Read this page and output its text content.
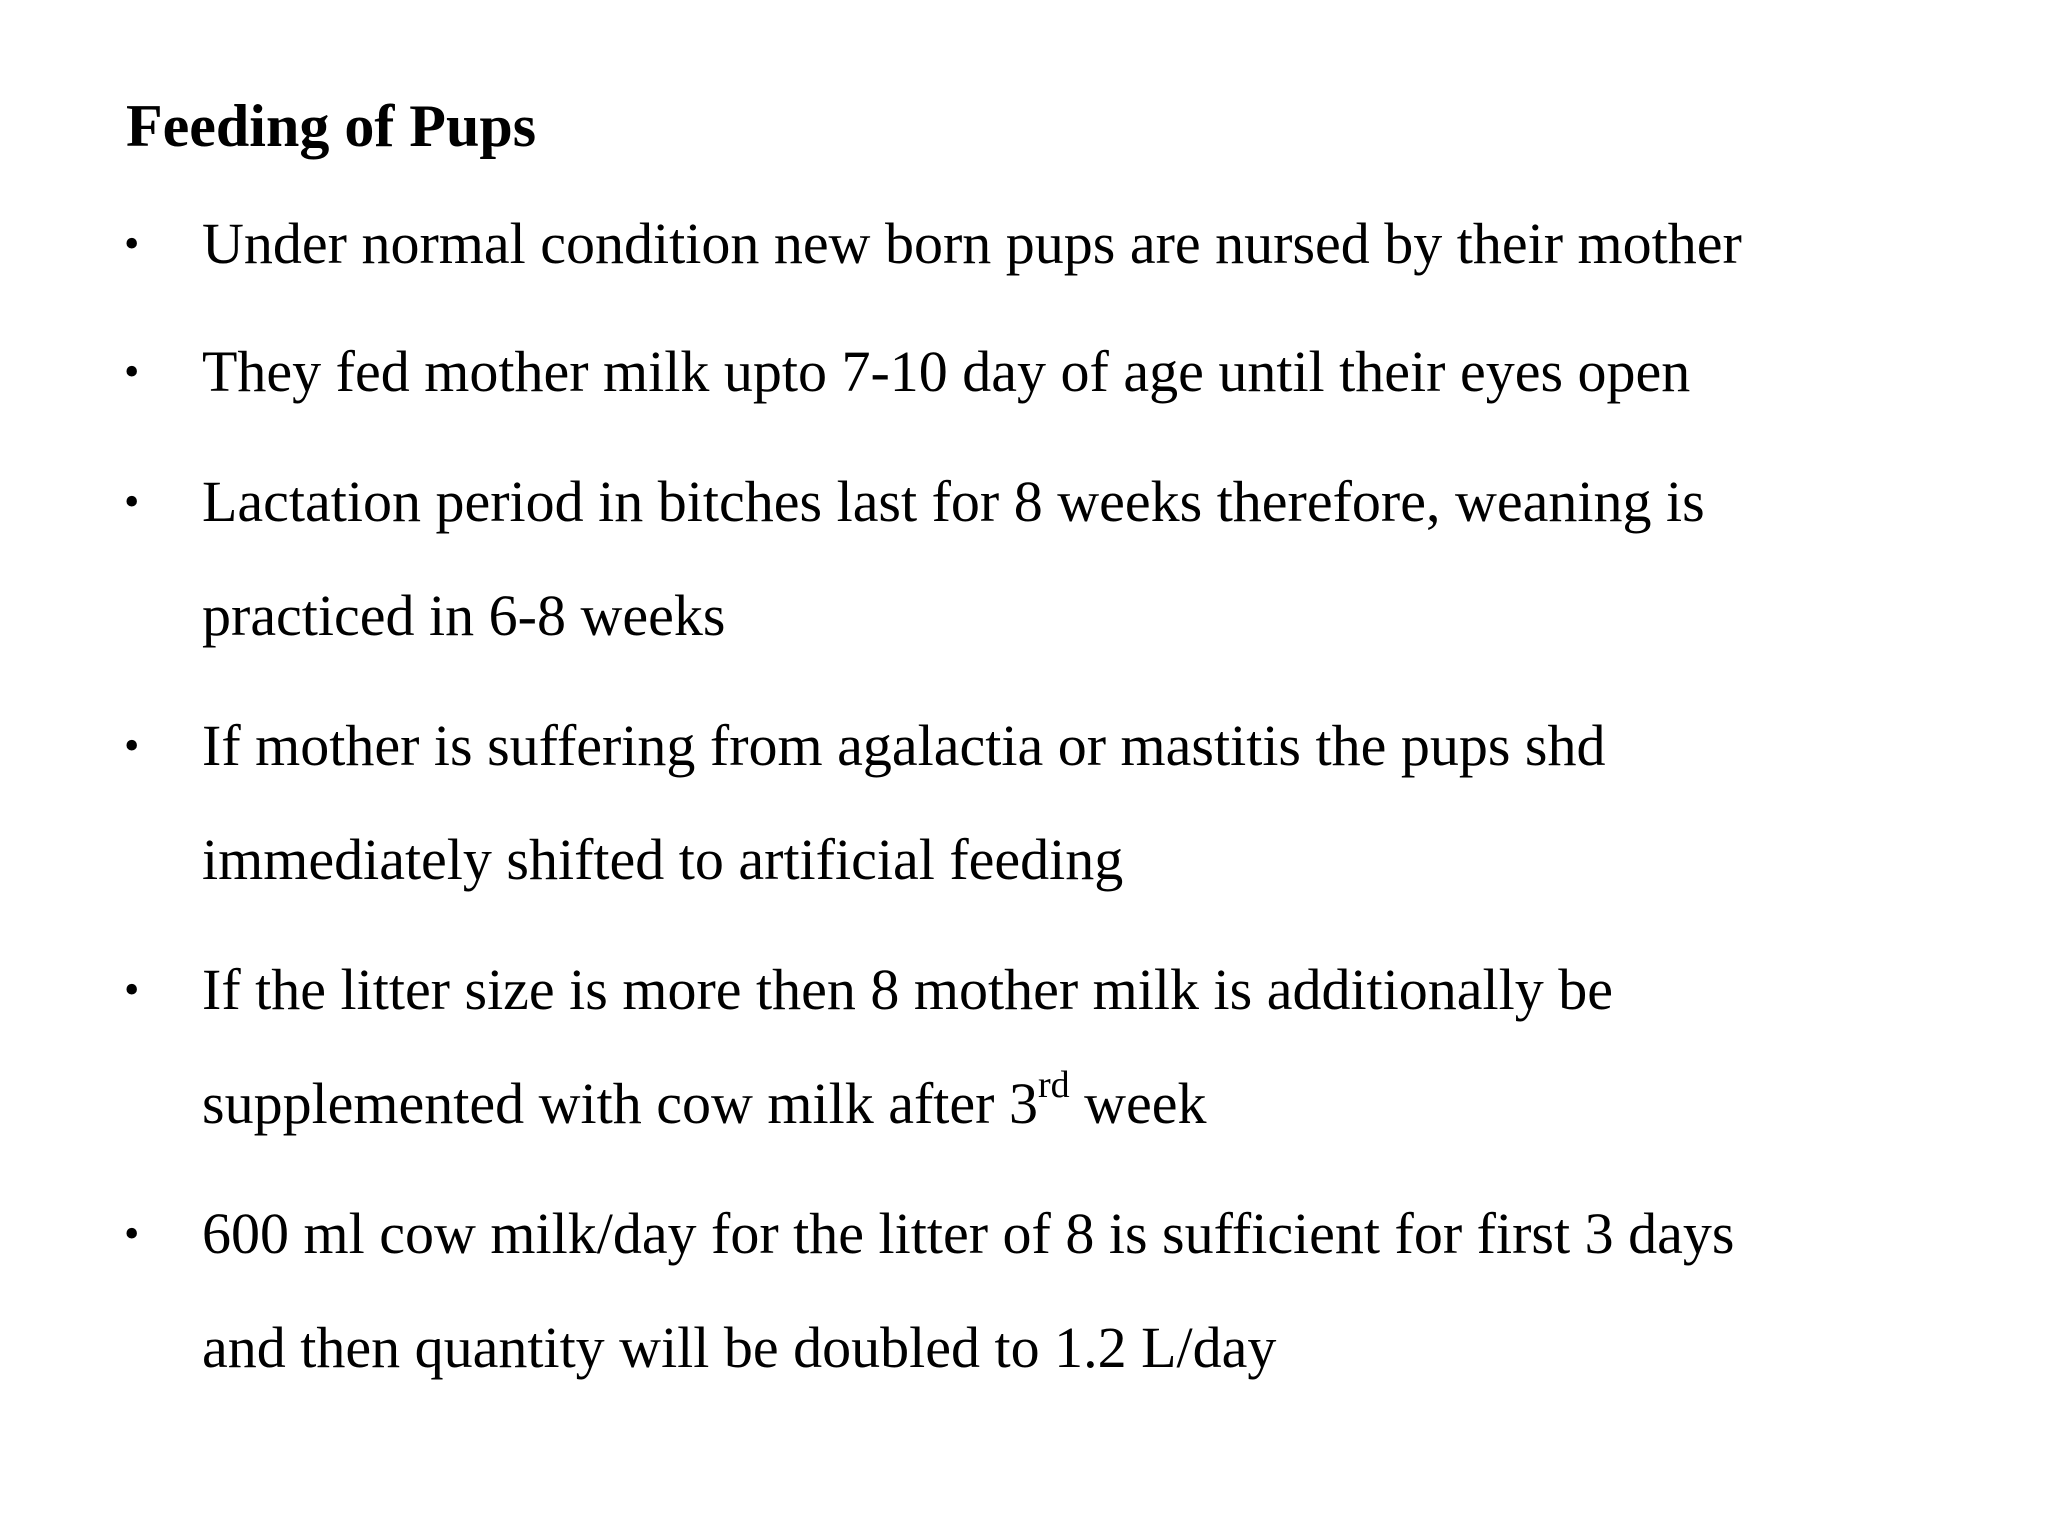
Feeding of Pups
• Under normal condition new born pups are nursed by their mother
• They fed mother milk upto 7-10 day of age until their eyes open
• Lactation period in bitches last for 8 weeks therefore, weaning is
practiced in 6-8 weeks
• If mother is suffering from agalactia or mastitis the pups shd
immediately shifted to artificial feeding
• If the litter size is more then 8 mother milk is additionally be
supplemented with cow milk after 3rd week
• 600 ml cow milk/day for the litter of 8 is sufficient for first 3 days
and then quantity will be doubled to 1.2 L/day
